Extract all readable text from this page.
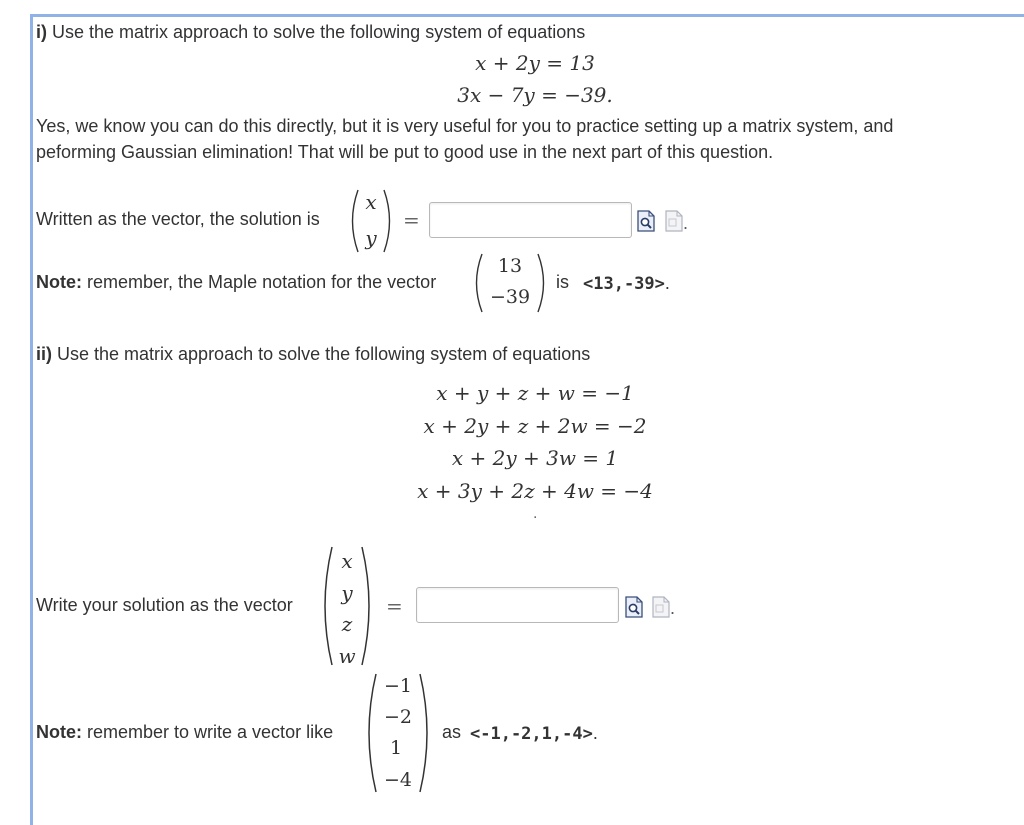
i) Use the matrix approach to solve the following system of equations
x + 2y = 13
3x − 7y = −39.
Yes, we know you can do this directly, but it is very useful for you to practice setting up a matrix system, and
peforming Gaussian elimination! That will be put to good use in the next part of this question.
Written as the vector, the solution is
x
y
=	.
Note: remember, the Maple notation for the vector
13
−39
is <13,-39>.
ii) Use the matrix approach to solve the following system of equations
x + y + z + w = −1
x + 2y + z + 2w = −2
x + 2y + 3w = 1
x + 3y + 2z + 4w = −4
.
Write your solution as the vector
x
y
z
w
=	.
Note: remember to write a vector like
−1
−2
1
−4
as <-1,-2,1,-4>.
